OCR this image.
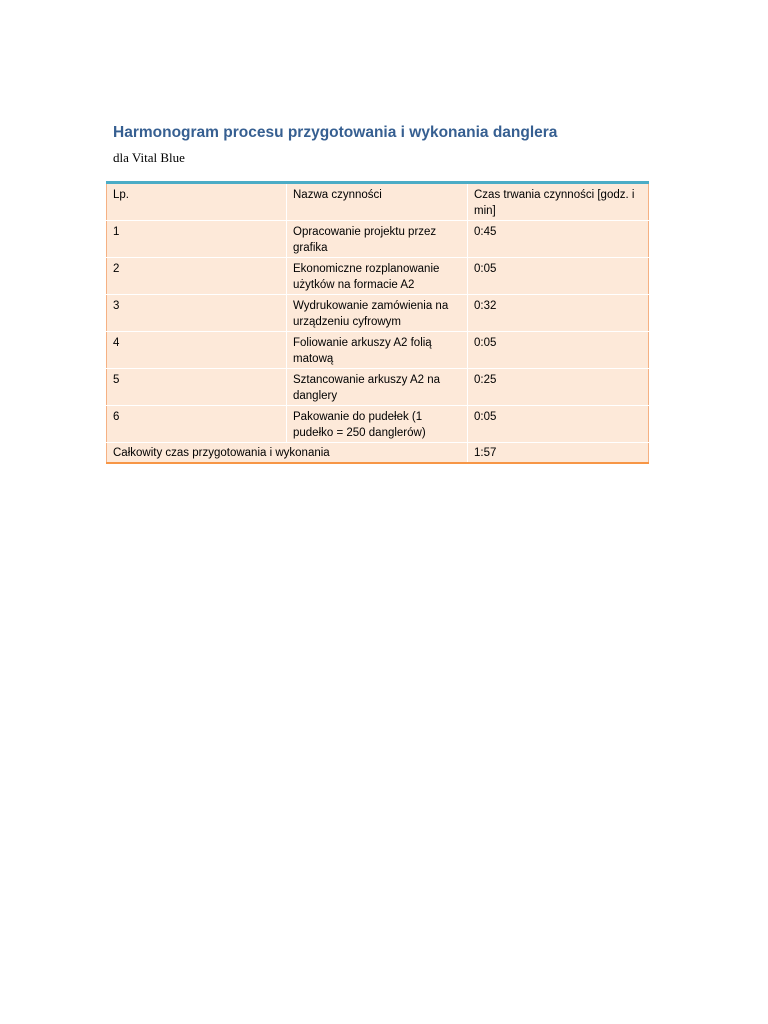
Harmonogram procesu przygotowania i wykonania danglera

dla Vital Blue

Lp.	Nazwa czynności	Czas trwania czynności [godz. i min]
1	Opracowanie projektu przez grafika	0:45
2	Ekonomiczne rozplanowanie użytków na formacie A2	0:05
3	Wydrukowanie zamówienia na urządzeniu cyfrowym	0:32
4	Foliowanie arkuszy A2 folią matową	0:05
5	Sztancowanie arkuszy A2 na danglery	0:25
6	Pakowanie do pudełek (1 pudełko = 250 danglerów)	0:05
Całkowity czas przygotowania i wykonania		1:57
